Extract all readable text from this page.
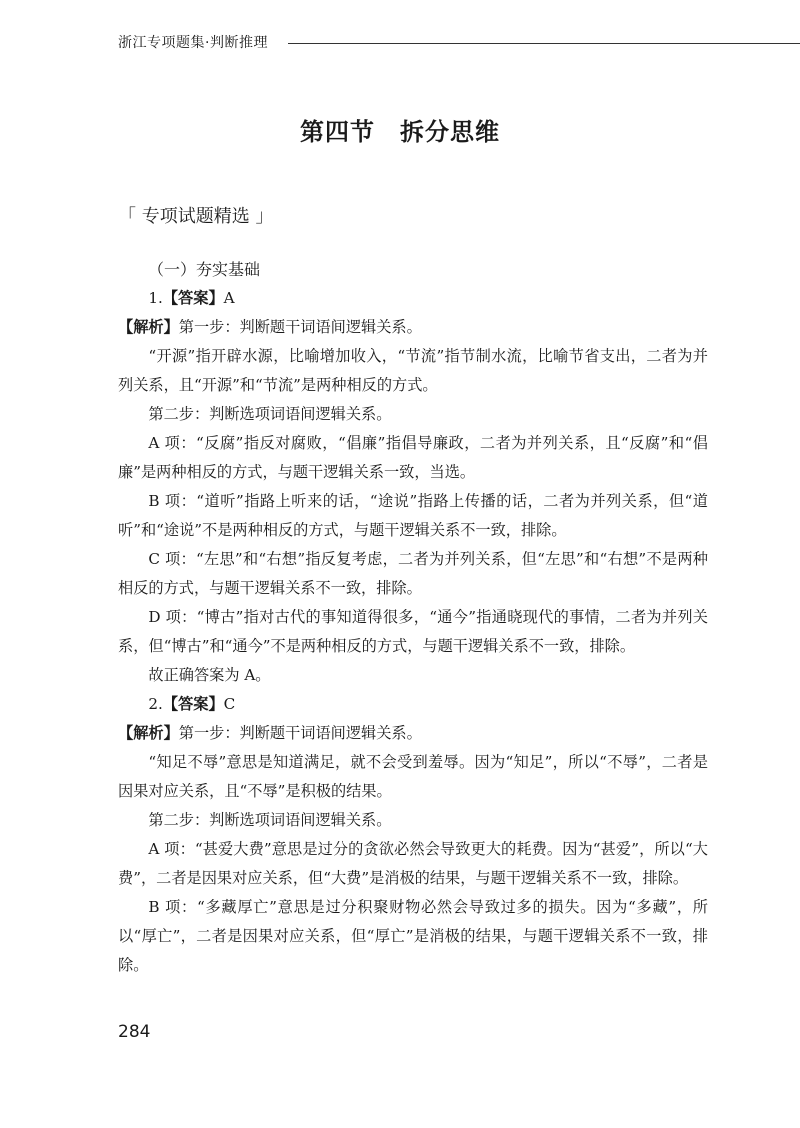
浙江专项题集·判断推理
第四节　拆分思维
「 专项试题精选 」
（一）夯实基础

1.【答案】A

【解析】第一步：判断题干词语间逻辑关系。

“开源”指开辟水源，比喻增加收入，“节流”指节制水流，比喻节省支出，二者为并列关系，且“开源”和“节流”是两种相反的方式。

第二步：判断选项词语间逻辑关系。

A 项：“反腐”指反对腐败，“倡廉”指倡导廉政，二者为并列关系，且“反腐”和“倡廉”是两种相反的方式，与题干逻辑关系一致，当选。

B 项：“道听”指路上听来的话，“途说”指路上传播的话，二者为并列关系，但“道听”和“途说”不是两种相反的方式，与题干逻辑关系不一致，排除。

C 项：“左思”和“右想”指反复考虑，二者为并列关系，但“左思”和“右想”不是两种相反的方式，与题干逻辑关系不一致，排除。

D 项：“博古”指对古代的事知道得很多，“通今”指通晓现代的事情，二者为并列关系，但“博古”和“通今”不是两种相反的方式，与题干逻辑关系不一致，排除。

故正确答案为 A。

2.【答案】C

【解析】第一步：判断题干词语间逻辑关系。

“知足不辱”意思是知道满足，就不会受到羞辱。因为“知足”，所以“不辱”，二者是因果对应关系，且“不辱”是积极的结果。

第二步：判断选项词语间逻辑关系。

A 项：“甚爱大费”意思是过分的贪欲必然会导致更大的耗费。因为“甚爱”，所以“大费”，二者是因果对应关系，但“大费”是消极的结果，与题干逻辑关系不一致，排除。

B 项：“多藏厚亡”意思是过分积聚财物必然会导致过多的损失。因为“多藏”，所以“厚亡”，二者是因果对应关系，但“厚亡”是消极的结果，与题干逻辑关系不一致，排除。

284
